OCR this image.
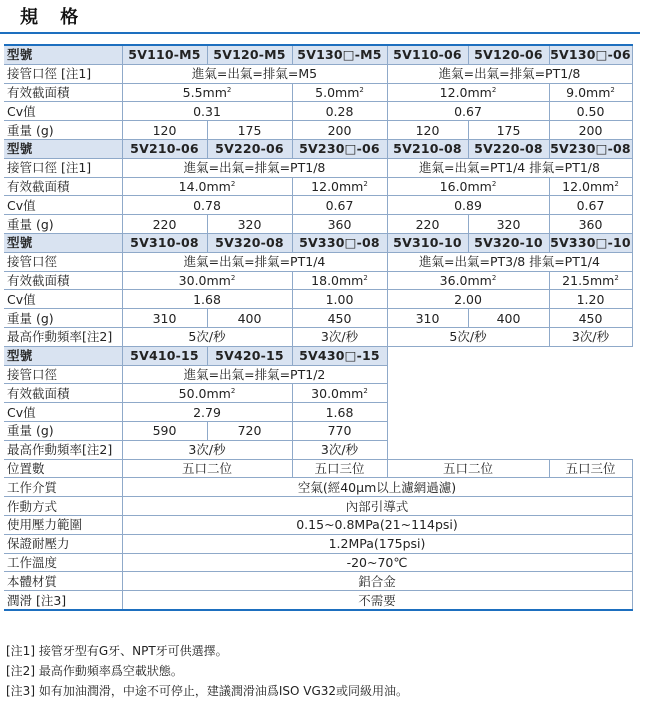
規 格
型號	5V110-M5	5V120-M5	5V130□-M5	5V110-06	5V120-06	5V130□-06
接管口徑 [注1]	進氣=出氣=排氣=M5			進氣=出氣=排氣=PT1/8		
有效截面積	$5.5mm^2$		$5.0mm^2$	$12.0mm^2$		$9.0mm^2$
Cv值	0.31		0.28	0.67		0.50
重量 (g)	120	175	200	120	175	200
型號	5V210-06	5V220-06	5V230□-06	5V210-08	5V220-08	5V230□-08
接管口徑 [注1]	進氣=出氣=排氣=PT1/8			進氣=出氣=PT1/4 排氣=PT1/8		
有效截面積	$14.0mm^2$		$12.0mm^2$	$16.0mm^2$		$12.0mm^2$
Cv值	0.78		0.67	0.89		0.67
重量 (g)	220	320	360	220	320	360
型號	5V310-08	5V320-08	5V330□-08	5V310-10	5V320-10	5V330□-10
接管口徑	進氣=出氣=排氣=PT1/4			進氣=出氣=PT3/8 排氣=PT1/4		
有效截面積	$30.0mm^2$		$18.0mm^2$	$36.0mm^2$		$21.5mm^2$
Cv值	1.68		1.00	2.00		1.20
重量 (g)	310	400	450	310	400	450
最高作動頻率[注2]	5次/秒		3次/秒	5次/秒		3次/秒
型號	5V410-15	5V420-15	5V430□-15			
接管口徑	進氣=出氣=排氣=PT1/2					
有效截面積	$50.0mm^2$		$30.0mm^2$	
Cv值	2.79		1.68			
重量 (g)	590	720	770			
最高作動頻率[注2]	3次/秒		3次/秒			
位置數	五口二位		五口三位	五口二位		五口三位
工作介質	空氣(經40μm以上濾網過濾)					
作動方式	內部引導式					
使用壓力範圍	0.15~0.8MPa(21~114psi)					
保證耐壓力	1.2MPa(175psi)					
工作溫度	-20~70℃					
本體材質	鋁合金					
潤滑 [注3]	不需要					
[注1] 接管牙型有G牙、NPT牙可供選擇。
[注2] 最高作動頻率爲空載狀態。
[注3] 如有加油潤滑，中途不可停止，建議潤滑油爲ISO VG32或同級用油。
